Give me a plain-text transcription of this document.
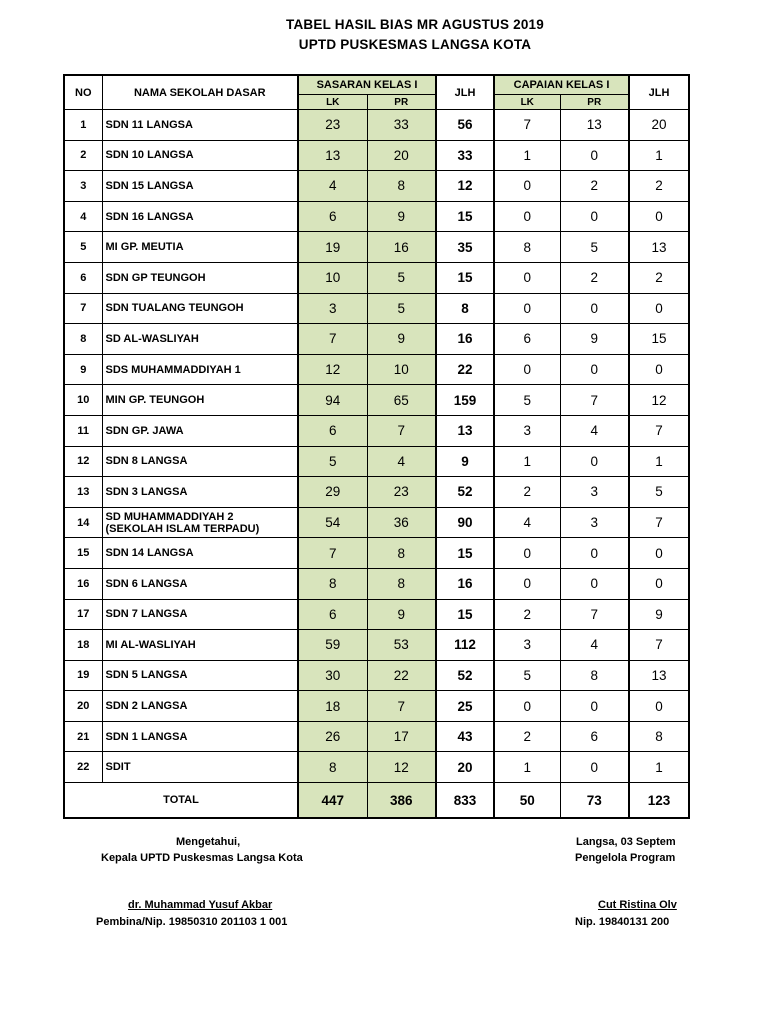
TABEL HASIL BIAS MR AGUSTUS 2019
UPTD PUSKESMAS LANGSA KOTA
NO	NAMA SEKOLAH DASAR	SASARAN KELAS I		JLH	CAPAIAN KELAS I		JLH
		LK	PR		LK	PR	
1	SDN 11 LANGSA	23	33	56	7	13	20
2	SDN 10 LANGSA	13	20	33	1	0	1
3	SDN 15 LANGSA	4	8	12	0	2	2
4	SDN 16 LANGSA	6	9	15	0	0	0
5	MI GP. MEUTIA	19	16	35	8	5	13
6	SDN GP TEUNGOH	10	5	15	0	2	2
7	SDN TUALANG TEUNGOH	3	5	8	0	0	0
8	SD AL-WASLIYAH	7	9	16	6	9	15
9	SDS MUHAMMADDIYAH 1	12	10	22	0	0	0
10	MIN GP. TEUNGOH	94	65	159	5	7	12
11	SDN GP. JAWA	6	7	13	3	4	7
12	SDN 8 LANGSA	5	4	9	1	0	1
13	SDN 3 LANGSA	29	23	52	2	3	5
14	SD MUHAMMADDIYAH 2
(SEKOLAH ISLAM TERPADU)	54	36	90	4	3	7
15	SDN 14 LANGSA	7	8	15	0	0	0
16	SDN 6 LANGSA	8	8	16	0	0	0
17	SDN 7 LANGSA	6	9	15	2	7	9
18	MI AL-WASLIYAH	59	53	112	3	4	7
19	SDN 5 LANGSA	30	22	52	5	8	13
20	SDN 2 LANGSA	18	7	25	0	0	0
21	SDN 1 LANGSA	26	17	43	2	6	8
22	SDIT	8	12	20	1	0	1
TOTAL		447	386	833	50	73	123
Mengetahui,
Kepala UPTD Puskesmas Langsa Kota
dr. Muhammad Yusuf Akbar
Pembina/Nip. 19850310 201103 1 001
Langsa, 03 Septem
Pengelola Program
Cut Ristina Olv
Nip. 19840131 200
